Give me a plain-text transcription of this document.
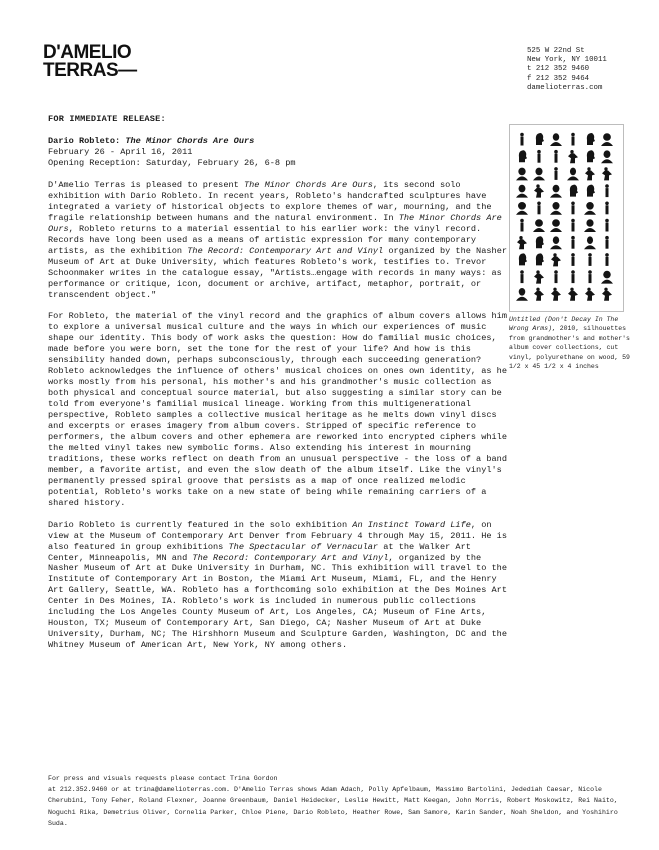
D'AMELIO
TERRAS—
525 W 22nd St
New York, NY 10011
t 212 352 9460
f 212 352 9464
damelioterras.com
FOR IMMEDIATE RELEASE:
Dario Robleto: The Minor Chords Are Ours
February 26 - April 16, 2011
Opening Reception: Saturday, February 26, 6-8 pm

D'Amelio Terras is pleased to present The Minor Chords Are Ours, its second solo exhibition with Dario Robleto. In recent years, Robleto's handcrafted sculptures have integrated a variety of historical objects to explore themes of war, mourning, and the fragile relationship between humans and the natural environment. In The Minor Chords Are Ours, Robleto returns to a material essential to his earlier work: the vinyl record. Records have long been used as a means of artistic expression for many contemporary artists, as the exhibition The Record: Contemporary Art and Vinyl organized by the Nasher Museum of Art at Duke University, which features Robleto's work, testifies to. Trevor Schoonmaker writes in the catalogue essay, "Artists…engage with records in many ways: as performance or critique, icon, document or archive, artifact, metaphor, portrait, or transcendent object."

For Robleto, the material of the vinyl record and the graphics of album covers allows him to explore a universal musical culture and the ways in which our experiences of music shape our identity. This body of work asks the question: How do familial music choices, made before you were born, set the tone for the rest of your life? And how is this sensibility handed down, perhaps subconsciously, through each succeeding generation? Robleto acknowledges the influence of others' musical choices on ones own identity, as he works mostly from his personal, his mother's and his grandmother's music collection as both physical and conceptual source material, but also suggesting a similar story can be told from everyone's familial musical lineage. Working from this multigenerational perspective, Robleto samples a collective musical heritage as he melts down vinyl discs and excerpts or erases imagery from album covers. Stripped of specific reference to performers, the album covers and other ephemera are reworked into encrypted ciphers while the melted vinyl takes new symbolic forms. Also extending his interest in mourning traditions, these works reflect on death from an unusual perspective - the loss of a band member, a favorite artist, and even the slow death of the album itself. Like the vinyl's permanently pressed spiral groove that persists as a map of once realized melodic potential, Robleto's works take on a new state of being while remaining carriers of a shared history.

Dario Robleto is currently featured in the solo exhibition An Instinct Toward Life, on view at the Museum of Contemporary Art Denver from February 4 through May 15, 2011. He is also featured in group exhibitions The Spectacular of Vernacular at the Walker Art Center, Minneapolis, MN and The Record: Contemporary Art and Vinyl, organized by the Nasher Museum of Art at Duke University in Durham, NC. This exhibition will travel to the Institute of Contemporary Art in Boston, the Miami Art Museum, Miami, FL, and the Henry Art Gallery, Seattle, WA. Robleto has a forthcoming solo exhibition at the Des Moines Art Center in Des Moines, IA. Robleto's work is included in numerous public collections including the Los Angeles County Museum of Art, Los Angeles, CA; Museum of Fine Arts, Houston, TX; Museum of Contemporary Art, San Diego, CA; Nasher Museum of Art at Duke University, Durham, NC; The Hirshhorn Museum and Sculpture Garden, Washington, DC and the Whitney Museum of American Art, New York, NY among others.

Untitled (Don't Decay In The Wrong Arms), 2010, silhouettes from grandmother's and mother's album cover collections, cut vinyl, polyurethane on wood, 59 1/2 x 45 1/2 x 4 inches

For press and visuals requests please contact Trina Gordon

at 212.352.9460 or at trina@damelioterras.com. D'Amelio Terras shows Adam Adach, Polly Apfelbaum, Massimo Bartolini, Jedediah Caesar, Nicole Cherubini, Tony Feher, Roland Flexner, Joanne Greenbaum, Daniel Heidecker, Leslie Hewitt, Matt Keegan, John Morris, Robert Moskowitz, Rei Naito, Noguchi Rika, Demetrius Oliver, Cornelia Parker, Chloe Piene, Dario Robleto, Heather Rowe, Sam Samore, Karin Sander, Noah Sheldon, and Yoshihiro Suda.
